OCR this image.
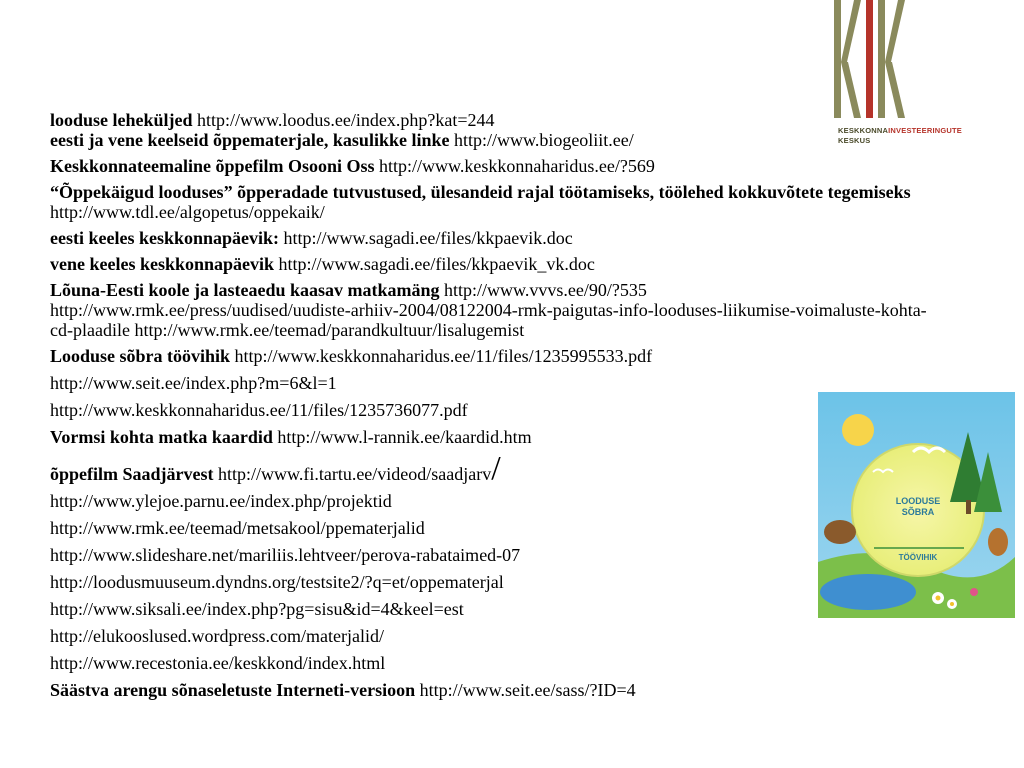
KESKKONNAINVESTEERINGUTE
KESKUS

looduse leheküljed http://www.loodus.ee/index.php?kat=244

eesti ja vene keelseid õppematerjale, kasulikke linke http://www.biogeoliit.ee/

Keskkonnateemaline õppefilm Osooni Oss http://www.keskkonnaharidus.ee/?569

“Õppekäigud looduses” õpperadade tutvustused, ülesandeid rajal töötamiseks, töölehed kokkuvõtete tegemiseks http://www.tdl.ee/algopetus/oppekaik/

eesti keeles keskkonnapäevik: http://www.sagadi.ee/files/kkpaevik.doc

vene keeles keskkonnapäevik http://www.sagadi.ee/files/kkpaevik_vk.doc

Lõuna-Eesti koole ja lasteaedu kaasav matkamäng http://www.vvvs.ee/90/?535

http://www.rmk.ee/press/uudised/uudiste-arhiiv-2004/08122004-rmk-paigutas-info-looduses-liikumise-voimaluste-kohta-cd-plaadile http://www.rmk.ee/teemad/parandkultuur/lisalugemist

Looduse sõbra töövihik http://www.keskkonnaharidus.ee/11/files/1235995533.pdf

http://www.seit.ee/index.php?m=6&l=1

http://www.keskkonnaharidus.ee/11/files/1235736077.pdf

Vormsi kohta matka kaardid http://www.l-rannik.ee/kaardid.htm

õppefilm Saadjärvest http://www.fi.tartu.ee/videod/saadjarv/

http://www.ylejoe.parnu.ee/index.php/projektid

http://www.rmk.ee/teemad/metsakool/ppematerjalid

http://www.slideshare.net/mariliis.lehtveer/perova-rabataimed-07

http://loodusmuuseum.dyndns.org/testsite2/?q=et/oppematerjal

http://www.siksali.ee/index.php?pg=sisu&id=4&keel=est

http://elukooslused.wordpress.com/materjalid/

http://www.recestonia.ee/keskkond/index.html

Säästva arengu sõnaseletuste Interneti-versioon http://www.seit.ee/sass/?ID=4

LOODUSE
SÕBRA
TÖÖVIHIK
